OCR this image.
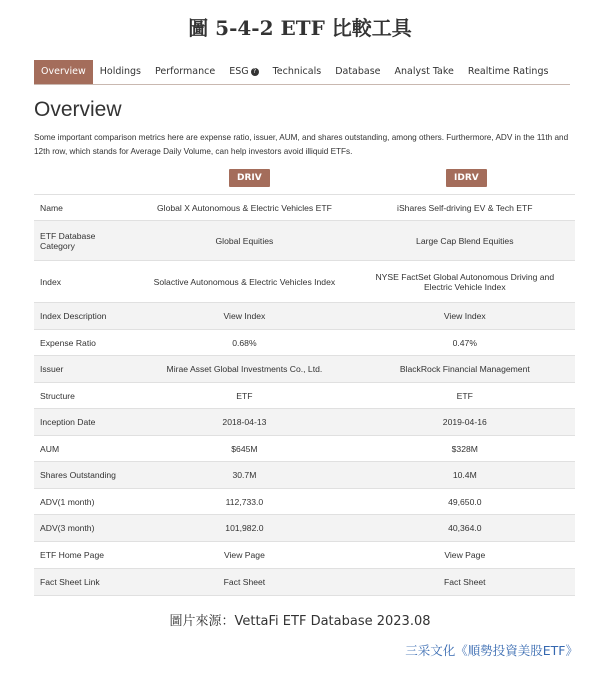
圖 5-4-2 ETF 比較工具
Overview	Holdings	Performance	ESG ?	Technicals	Database	Analyst Take	Realtime Ratings
Overview
Some important comparison metrics here are expense ratio, issuer, AUM, and shares outstanding, among others. Furthermore, ADV in the 11th and 12th row, which stands for Average Daily Volume, can help investors avoid illiquid ETFs.
DRIV	IDRV
Name	Global X Autonomous & Electric Vehicles ETF	iShares Self-driving EV & Tech ETF
ETF Database Category	Global Equities	Large Cap Blend Equities
Index	Solactive Autonomous & Electric Vehicles Index	NYSE FactSet Global Autonomous Driving and Electric Vehicle Index
Index Description	View Index	View Index
Expense Ratio	0.68%	0.47%
Issuer	Mirae Asset Global Investments Co., Ltd.	BlackRock Financial Management
Structure	ETF	ETF
Inception Date	2018-04-13	2019-04-16
AUM	$645M	$328M
Shares Outstanding	30.7M	10.4M
ADV(1 month)	112,733.0	49,650.0
ADV(3 month)	101,982.0	40,364.0
ETF Home Page	View Page	View Page
Fact Sheet Link	Fact Sheet	Fact Sheet
圖片來源：VettaFi ETF Database 2023.08
三采文化《順勢投資美股ETF》
